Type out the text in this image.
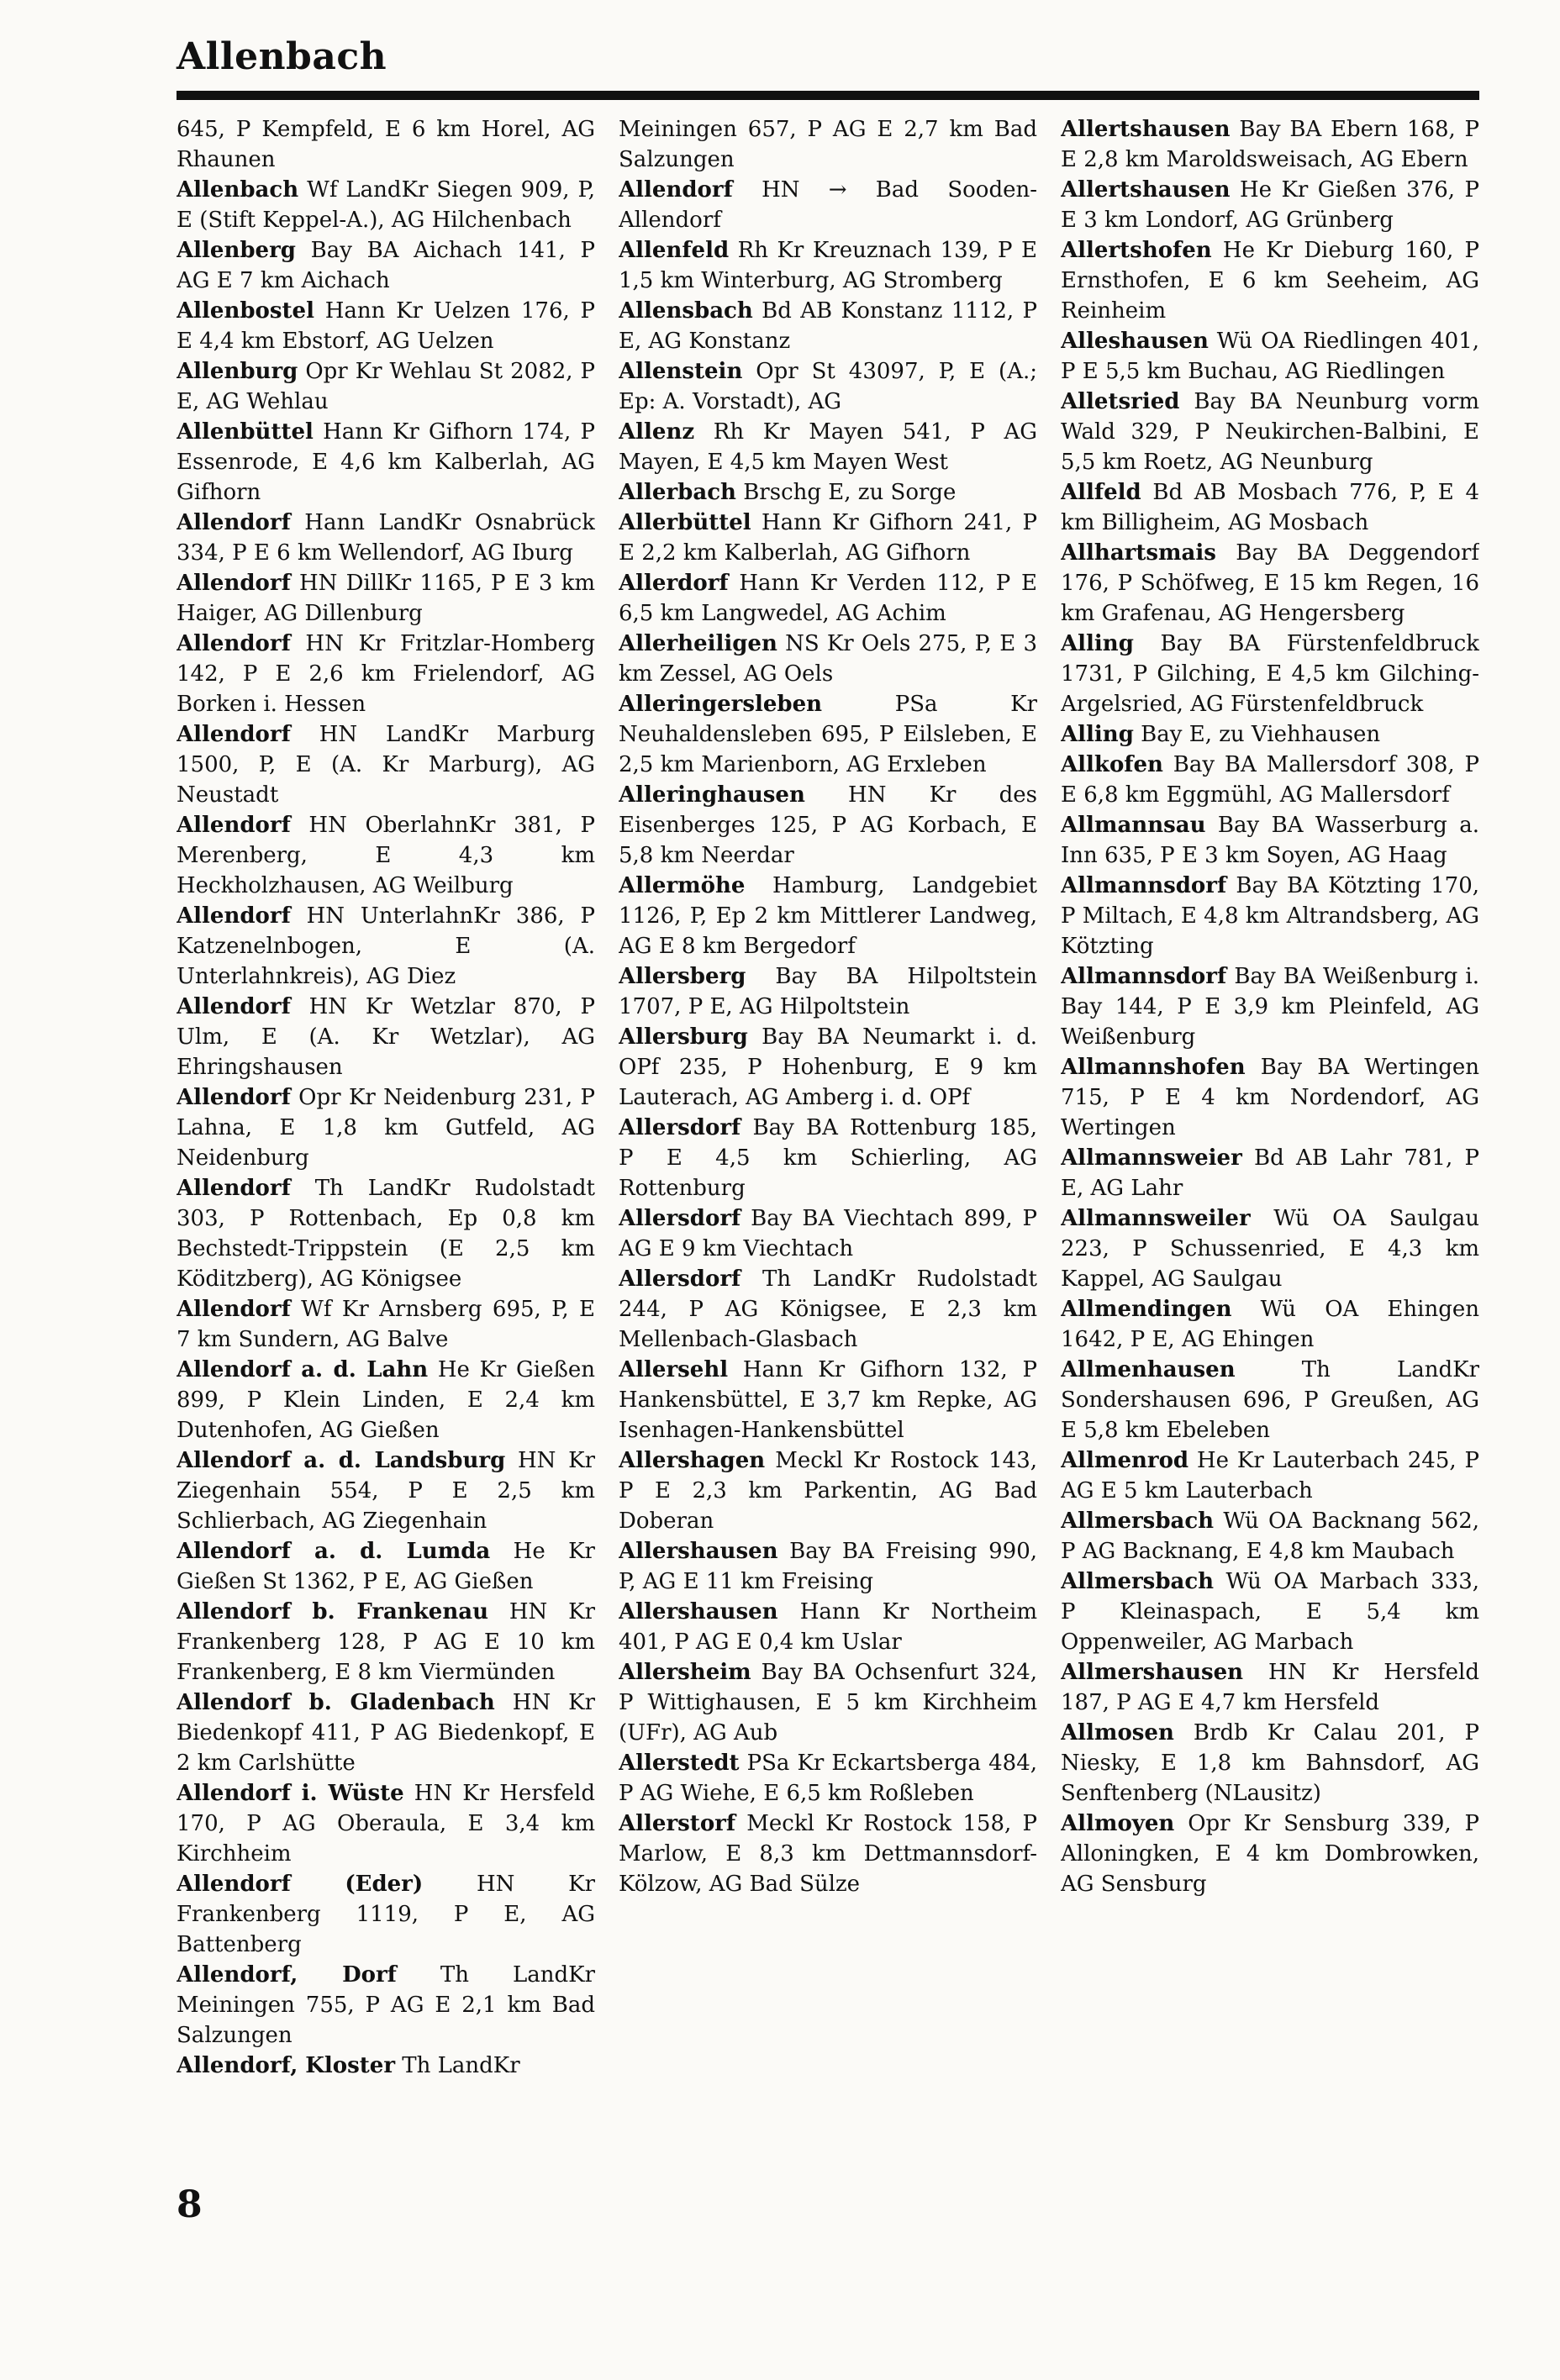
Allenbach

645, P Kempfeld, E 6 km Horel, AG Rhaunen

Allenbach Wf LandKr Siegen 909, P, E (Stift Keppel-A.), AG Hilchenbach

Allenberg Bay BA Aichach 141, P AG E 7 km Aichach

Allenbostel Hann Kr Uelzen 176, P E 4,4 km Ebstorf, AG Uelzen

Allenburg Opr Kr Wehlau St 2082, P E, AG Wehlau

Allenbüttel Hann Kr Gifhorn 174, P Essenrode, E 4,6 km Kalberlah, AG Gifhorn

Allendorf Hann LandKr Osnabrück 334, P E 6 km Wellendorf, AG Iburg

Allendorf HN DillKr 1165, P E 3 km Haiger, AG Dillenburg

Allendorf HN Kr Fritzlar-Homberg 142, P E 2,6 km Frielendorf, AG Borken i. Hessen

Allendorf HN LandKr Marburg 1500, P, E (A. Kr Marburg), AG Neustadt

Allendorf HN OberlahnKr 381, P Merenberg, E 4,3 km Heckholzhausen, AG Weilburg

Allendorf HN UnterlahnKr 386, P Katzenelnbogen, E (A. Unterlahnkreis), AG Diez

Allendorf HN Kr Wetzlar 870, P Ulm, E (A. Kr Wetzlar), AG Ehringshausen

Allendorf Opr Kr Neidenburg 231, P Lahna, E 1,8 km Gutfeld, AG Neidenburg

Allendorf Th LandKr Rudolstadt 303, P Rottenbach, Ep 0,8 km Bechstedt-Trippstein (E 2,5 km Köditzberg), AG Königsee

Allendorf Wf Kr Arnsberg 695, P, E 7 km Sundern, AG Balve

Allendorf a. d. Lahn He Kr Gießen 899, P Klein Linden, E 2,4 km Dutenhofen, AG Gießen

Allendorf a. d. Landsburg HN Kr Ziegenhain 554, P E 2,5 km Schlierbach, AG Ziegenhain

Allendorf a. d. Lumda He Kr Gießen St 1362, P E, AG Gießen

Allendorf b. Frankenau HN Kr Frankenberg 128, P AG E 10 km Frankenberg, E 8 km Viermünden

Allendorf b. Gladenbach HN Kr Biedenkopf 411, P AG Biedenkopf, E 2 km Carlshütte

Allendorf i. Wüste HN Kr Hersfeld 170, P AG Oberaula, E 3,4 km Kirchheim

Allendorf (Eder) HN Kr Frankenberg 1119, P E, AG Battenberg

Allendorf, Dorf Th LandKr Meiningen 755, P AG E 2,1 km Bad Salzungen

Allendorf, Kloster Th LandKr

Meiningen 657, P AG E 2,7 km Bad Salzungen

Allendorf HN → Bad Sooden-Allendorf

Allenfeld Rh Kr Kreuznach 139, P E 1,5 km Winterburg, AG Stromberg

Allensbach Bd AB Konstanz 1112, P E, AG Konstanz

Allenstein Opr St 43097, P, E (A.; Ep: A. Vorstadt), AG

Allenz Rh Kr Mayen 541, P AG Mayen, E 4,5 km Mayen West

Allerbach Brschg E, zu Sorge

Allerbüttel Hann Kr Gifhorn 241, P E 2,2 km Kalberlah, AG Gifhorn

Allerdorf Hann Kr Verden 112, P E 6,5 km Langwedel, AG Achim

Allerheiligen NS Kr Oels 275, P, E 3 km Zessel, AG Oels

Alleringersleben	PSa Kr Neuhaldensleben 695, P Eilsleben, E 2,5 km Marienborn, AG Erxleben

Alleringhausen HN Kr des Eisenberges 125, P AG Korbach, E 5,8 km Neerdar

Allermöhe Hamburg, Landgebiet 1126, P, Ep 2 km Mittlerer Landweg, AG E 8 km Bergedorf

Allersberg Bay BA Hilpoltstein 1707, P E, AG Hilpoltstein

Allersburg Bay BA Neumarkt i. d. OPf 235, P Hohenburg, E 9 km Lauterach, AG Amberg i. d. OPf

Allersdorf Bay BA Rottenburg 185, P E 4,5 km Schierling, AG Rottenburg

Allersdorf Bay BA Viechtach 899, P AG E 9 km Viechtach

Allersdorf Th LandKr Rudolstadt 244, P AG Königsee, E 2,3 km Mellenbach-Glasbach

Allersehl Hann Kr Gifhorn 132, P Hankensbüttel, E 3,7 km Repke, AG Isenhagen-Hankensbüttel

Allershagen Meckl Kr Rostock 143, P E 2,3 km Parkentin, AG Bad Doberan

Allershausen Bay BA Freising 990, P, AG E 11 km Freising

Allershausen Hann Kr Northeim 401, P AG E 0,4 km Uslar

Allersheim Bay BA Ochsenfurt 324, P Wittighausen, E 5 km Kirchheim (UFr), AG Aub

Allerstedt PSa Kr Eckartsberga 484, P AG Wiehe, E 6,5 km Roßleben

Allerstorf Meckl Kr Rostock 158, P Marlow, E 8,3 km Dettmannsdorf-Kölzow, AG Bad Sülze

Allertshausen Bay BA Ebern 168, P E 2,8 km Maroldsweisach, AG Ebern

Allertshausen He Kr Gießen 376, P E 3 km Londorf, AG Grünberg

Allertshofen He Kr Dieburg 160, P Ernsthofen, E 6 km Seeheim, AG Reinheim

Alleshausen Wü OA Riedlingen 401, P E 5,5 km Buchau, AG Riedlingen

Alletsried Bay BA Neunburg vorm Wald 329, P Neukirchen-Balbini, E 5,5 km Roetz, AG Neunburg

Allfeld Bd AB Mosbach 776, P, E 4 km Billigheim, AG Mosbach

Allhartsmais Bay BA Deggendorf 176, P Schöfweg, E 15 km Regen, 16 km Grafenau, AG Hengersberg

Alling Bay BA Fürstenfeldbruck 1731, P Gilching, E 4,5 km Gilching-Argelsried, AG Fürstenfeldbruck

Alling Bay E, zu Viehhausen

Allkofen Bay BA Mallersdorf 308, P E 6,8 km Eggmühl, AG Mallersdorf

Allmannsau Bay BA Wasserburg a. Inn 635, P E 3 km Soyen, AG Haag

Allmannsdorf Bay BA Kötzting 170, P Miltach, E 4,8 km Altrandsberg, AG Kötzting

Allmannsdorf Bay BA Weißenburg i. Bay 144, P E 3,9 km Pleinfeld, AG Weißenburg

Allmannshofen Bay BA Wertingen 715, P E 4 km Nordendorf, AG Wertingen

Allmannsweier Bd AB Lahr 781, P E, AG Lahr

Allmannsweiler Wü OA Saulgau 223, P Schussenried, E 4,3 km Kappel, AG Saulgau

Allmendingen Wü OA Ehingen 1642, P E, AG Ehingen

Allmenhausen	Th LandKr Sondershausen 696, P Greußen, AG E 5,8 km Ebeleben

Allmenrod He Kr Lauterbach 245, P AG E 5 km Lauterbach

Allmersbach Wü OA Backnang 562, P AG Backnang, E 4,8 km Maubach

Allmersbach Wü OA Marbach 333, P Kleinaspach, E 5,4 km Oppenweiler, AG Marbach

Allmershausen HN Kr Hersfeld 187, P AG E 4,7 km Hersfeld

Allmosen Brdb Kr Calau 201, P Niesky, E 1,8 km Bahnsdorf, AG Senftenberg (NLausitz)

Allmoyen Opr Kr Sensburg 339, P Alloningken, E 4 km Dombrowken, AG Sensburg

8
